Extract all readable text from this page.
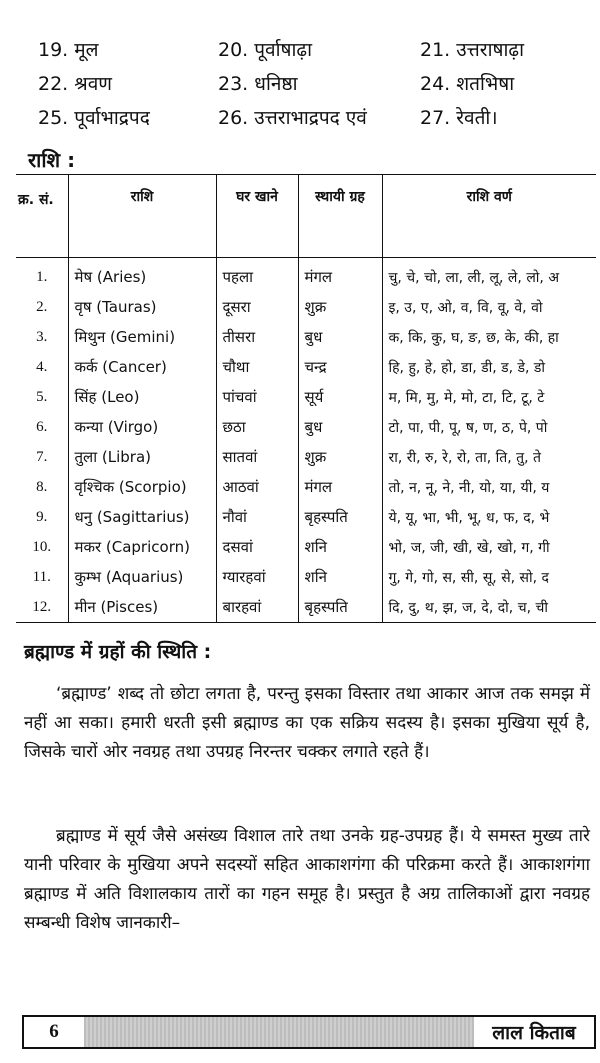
19. मूल	20. पूर्वाषाढ़ा	21. उत्तराषाढ़ा
22. श्रवण	23. धनिष्ठा	24. शतभिषा
25. पूर्वाभाद्रपद	26. उत्तराभाद्रपद एवं	27. रेवती।
राशि :
क्र. सं.	राशि	घर खाने	स्थायी ग्रह	राशि वर्ण
1.	मेष (Aries)	पहला	मंगल	चु, चे, चो, ला, ली, लू, ले, लो, अ
2.	वृष (Tauras)	दूसरा	शुक्र	इ, उ, ए, ओ, व, वि, वू, वे, वो
3.	मिथुन (Gemini)	तीसरा	बुध	क, कि, कु, घ, ङ, छ, के, की, हा
4.	कर्क (Cancer)	चौथा	चन्द्र	हि, हु, हे, हो, डा, डी, ड, डे, डो
5.	सिंह (Leo)	पांचवां	सूर्य	म, मि, मु, मे, मो, टा, टि, टू, टे
6.	कन्या (Virgo)	छठा	बुध	टो, पा, पी, पू, ष, ण, ठ, पे, पो
7.	तुला (Libra)	सातवां	शुक्र	रा, री, रु, रे, रो, ता, ति, तु, ते
8.	वृश्चिक (Scorpio)	आठवां	मंगल	तो, न, नू, ने, नी, यो, या, यी, य
9.	धनु (Sagittarius)	नौवां	बृहस्पति	ये, यू, भा, भी, भू, ध, फ, द, भे
10.	मकर (Capricorn)	दसवां	शनि	भो, ज, जी, खी, खे, खो, ग, गी
11.	कुम्भ (Aquarius)	ग्यारहवां	शनि	गु, गे, गो, स, सी, सू, से, सो, द
12.	मीन (Pisces)	बारहवां	बृहस्पति	दि, दु, थ, झ, ज, दे, दो, च, ची
ब्रह्माण्ड में ग्रहों की स्थिति :
‘ब्रह्माण्ड’ शब्द तो छोटा लगता है, परन्तु इसका विस्तार तथा आकार आज तक समझ में नहीं आ सका। हमारी धरती इसी ब्रह्माण्ड का एक सक्रिय सदस्य है। इसका मुखिया सूर्य है, जिसके चारों ओर नवग्रह तथा उपग्रह निरन्तर चक्कर लगाते रहते हैं।
ब्रह्माण्ड में सूर्य जैसे असंख्य विशाल तारे तथा उनके ग्रह-उपग्रह हैं। ये समस्त मुख्य तारे यानी परिवार के मुखिया अपने सदस्यों सहित आकाशगंगा की परिक्रमा करते हैं। आकाशगंगा ब्रह्माण्ड में अति विशालकाय तारों का गहन समूह है। प्रस्तुत है अग्र तालिकाओं द्वारा नवग्रह सम्बन्धी विशेष जानकारी–
6	लाल किताब
